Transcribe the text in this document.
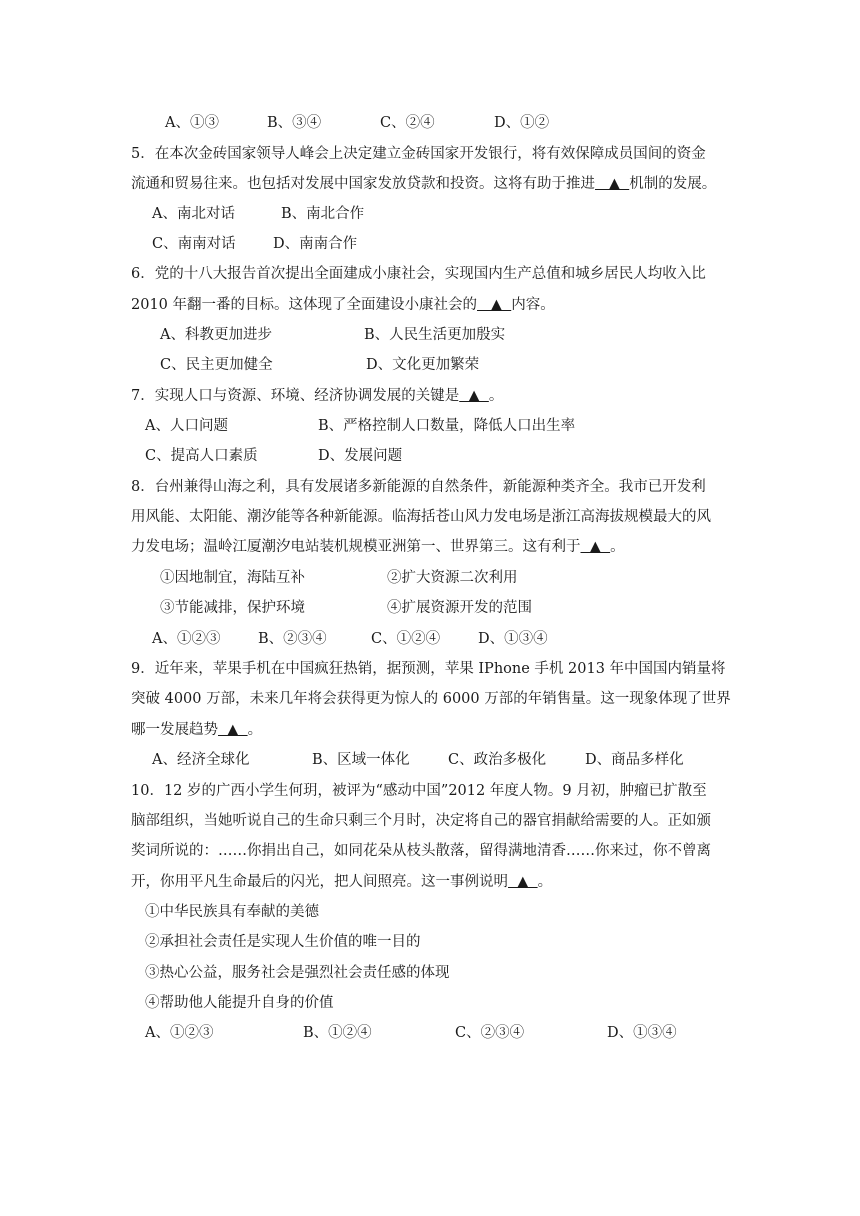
A、①③	B、③④	C、②④	D、①②
5．在本次金砖国家领导人峰会上决定建立金砖国家开发银行，将有效保障成员国间的资金
流通和贸易往来。也包括对发展中国家发放贷款和投资。这将有助于推进   ▲  机制的发展。
A、南北对话	B、南北合作
C、南南对话	D、南南合作
6．党的十八大报告首次提出全面建成小康社会，实现国内生产总值和城乡居民人均收入比
2010 年翻一番的目标。这体现了全面建设小康社会的   ▲  内容。
A、科教更加进步	B、人民生活更加殷实
C、民主更加健全	D、文化更加繁荣
7．实现人口与资源、环境、经济协调发展的关键是  ▲  。
A、人口问题	B、严格控制人口数量，降低人口出生率
C、提高人口素质	D、发展问题
8．台州兼得山海之利，具有发展诸多新能源的自然条件，新能源种类齐全。我市已开发利
用风能、太阳能、潮汐能等各种新能源。临海括苍山风力发电场是浙江高海拔规模最大的风
力发电场；温岭江厦潮汐电站装机规模亚洲第一、世界第三。这有利于  ▲  。
①因地制宜，海陆互补	②扩大资源二次利用
③节能减排，保护环境	④扩展资源开发的范围
A、①②③	B、②③④	C、①②④	D、①③④
9．近年来，苹果手机在中国疯狂热销，据预测，苹果 IPhone 手机 2013 年中国国内销量将
突破 4000 万部，未来几年将会获得更为惊人的 6000 万部的年销售量。这一现象体现了世界
哪一发展趋势  ▲  。
A、经济全球化	B、区域一体化	C、政治多极化	D、商品多样化
10．12 岁的广西小学生何玥，被评为“感动中国”2012 年度人物。9 月初，肿瘤已扩散至
脑部组织，当她听说自己的生命只剩三个月时，决定将自己的器官捐献给需要的人。正如颁
奖词所说的：……你捐出自己，如同花朵从枝头散落，留得满地清香……你来过，你不曾离
开，你用平凡生命最后的闪光，把人间照亮。这一事例说明  ▲  。
①中华民族具有奉献的美德
②承担社会责任是实现人生价值的唯一目的
③热心公益，服务社会是强烈社会责任感的体现
④帮助他人能提升自身的价值
A、①②③	B、①②④	C、②③④	D、①③④
